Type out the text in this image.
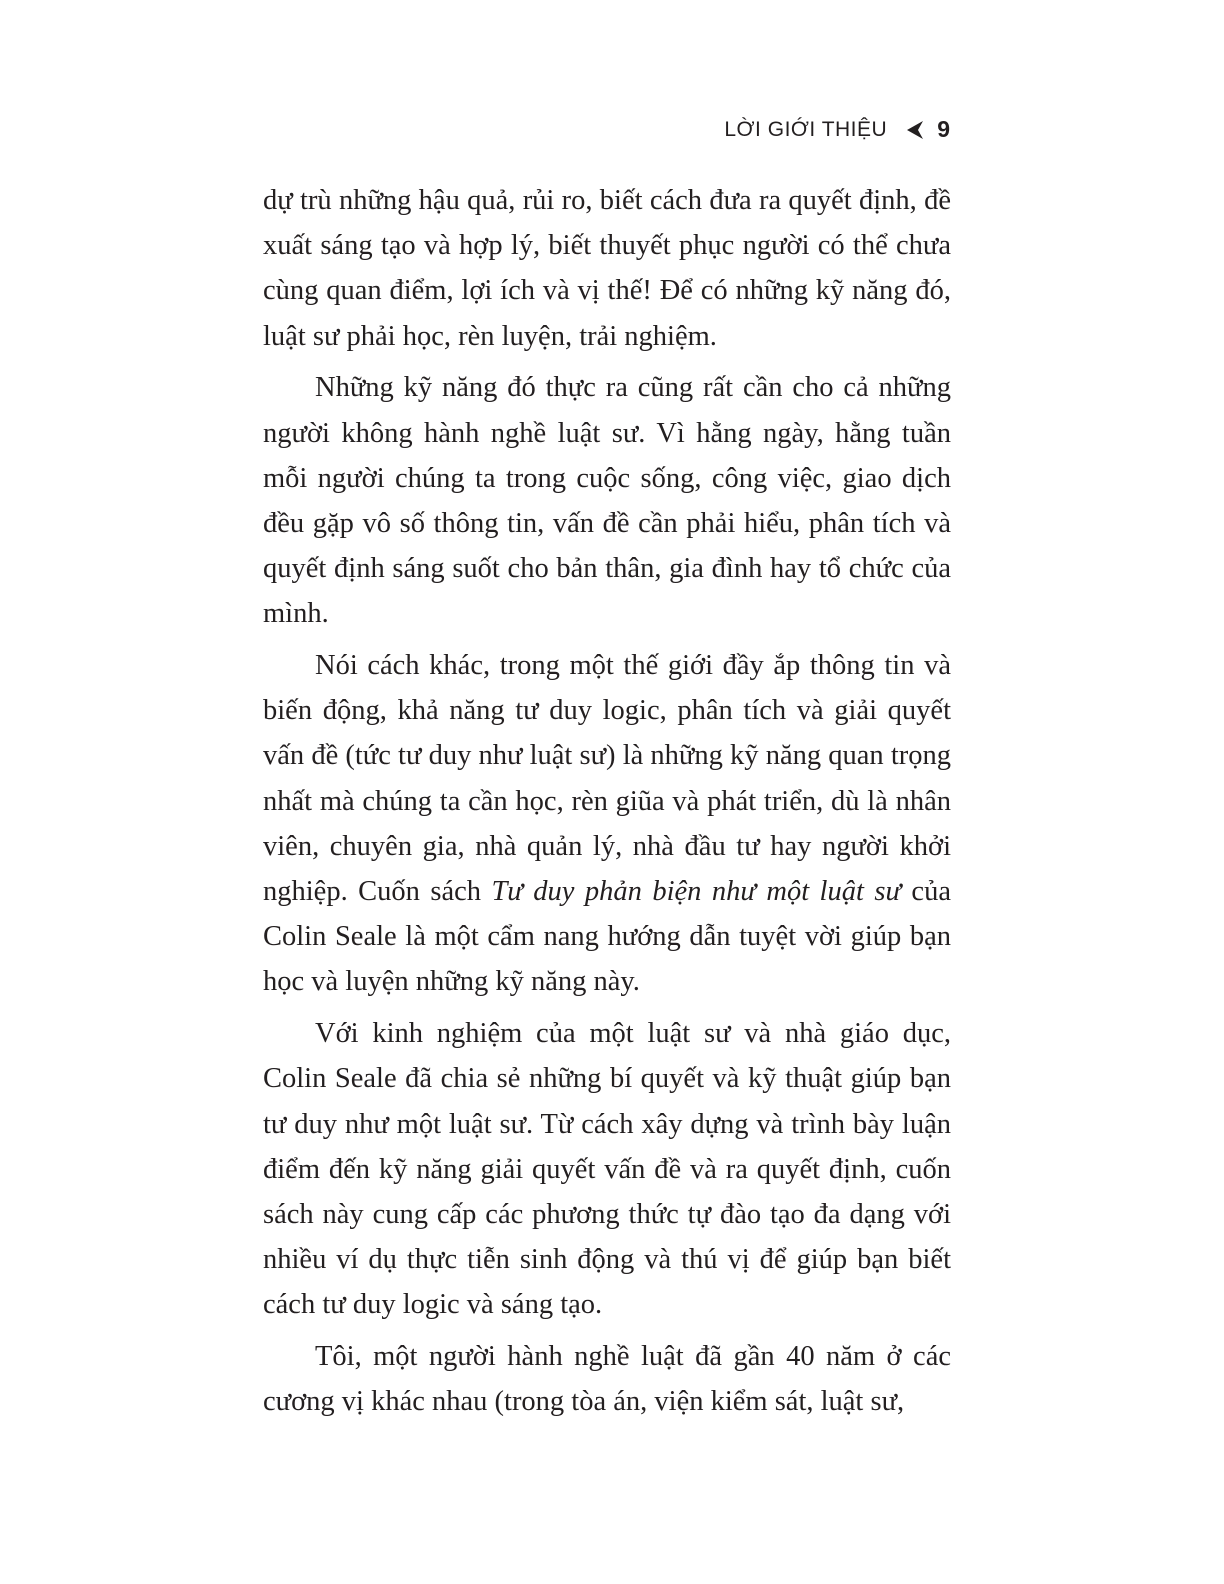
LỜI GIỚI THIỆU 9

dự trù những hậu quả, rủi ro, biết cách đưa ra quyết định, đề xuất sáng tạo và hợp lý, biết thuyết phục người có thể chưa cùng quan điểm, lợi ích và vị thế! Để có những kỹ năng đó, luật sư phải học, rèn luyện, trải nghiệm.

Những kỹ năng đó thực ra cũng rất cần cho cả những người không hành nghề luật sư. Vì hằng ngày, hằng tuần mỗi người chúng ta trong cuộc sống, công việc, giao dịch đều gặp vô số thông tin, vấn đề cần phải hiểu, phân tích và quyết định sáng suốt cho bản thân, gia đình hay tổ chức của mình.

Nói cách khác, trong một thế giới đầy ắp thông tin và biến động, khả năng tư duy logic, phân tích và giải quyết vấn đề (tức tư duy như luật sư) là những kỹ năng quan trọng nhất mà chúng ta cần học, rèn giũa và phát triển, dù là nhân viên, chuyên gia, nhà quản lý, nhà đầu tư hay người khởi nghiệp. Cuốn sách Tư duy phản biện như một luật sư của Colin Seale là một cẩm nang hướng dẫn tuyệt vời giúp bạn học và luyện những kỹ năng này.

Với kinh nghiệm của một luật sư và nhà giáo dục, Colin Seale đã chia sẻ những bí quyết và kỹ thuật giúp bạn tư duy như một luật sư. Từ cách xây dựng và trình bày luận điểm đến kỹ năng giải quyết vấn đề và ra quyết định, cuốn sách này cung cấp các phương thức tự đào tạo đa dạng với nhiều ví dụ thực tiễn sinh động và thú vị để giúp bạn biết cách tư duy logic và sáng tạo.

Tôi, một người hành nghề luật đã gần 40 năm ở các cương vị khác nhau (trong tòa án, viện kiểm sát, luật sư,
